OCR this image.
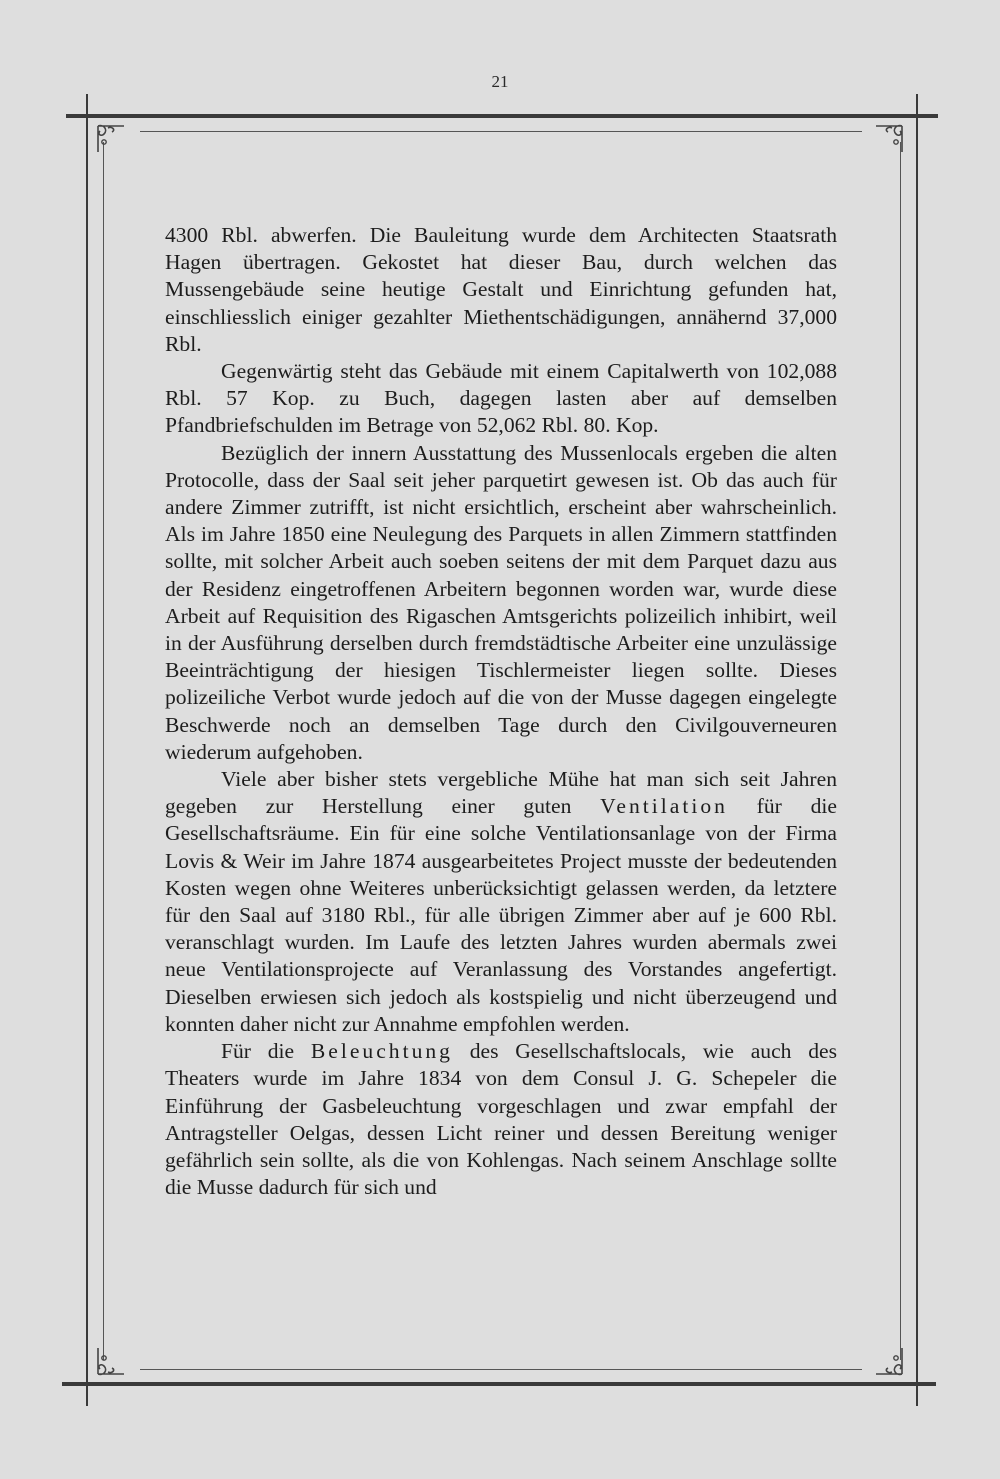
21

4300 Rbl. abwerfen. Die Bauleitung wurde dem Architecten Staatsrath Hagen übertragen. Gekostet hat dieser Bau, durch welchen das Mussengebäude seine heutige Gestalt und Einrichtung gefunden hat, einschliesslich einiger gezahlter Miethentschädigungen, annähernd 37,000 Rbl.

Gegenwärtig steht das Gebäude mit einem Capitalwerth von 102,088 Rbl. 57 Kop. zu Buch, dagegen lasten aber auf demselben Pfandbriefschulden im Betrage von 52,062 Rbl. 80. Kop.

Bezüglich der innern Ausstattung des Mussenlocals ergeben die alten Protocolle, dass der Saal seit jeher parquetirt gewesen ist. Ob das auch für andere Zimmer zutrifft, ist nicht ersichtlich, erscheint aber wahrscheinlich. Als im Jahre 1850 eine Neulegung des Parquets in allen Zimmern stattfinden sollte, mit solcher Arbeit auch soeben seitens der mit dem Parquet dazu aus der Residenz eingetroffenen Arbeitern begonnen worden war, wurde diese Arbeit auf Requisition des Rigaschen Amtsgerichts polizeilich inhibirt, weil in der Ausführung derselben durch fremdstädtische Arbeiter eine unzulässige Beeinträchtigung der hiesigen Tischlermeister liegen sollte. Dieses polizeiliche Verbot wurde jedoch auf die von der Musse dagegen eingelegte Beschwerde noch an demselben Tage durch den Civilgouverneuren wiederum aufgehoben.

Viele aber bisher stets vergebliche Mühe hat man sich seit Jahren gegeben zur Herstellung einer guten Ventilation für die Gesellschaftsräume. Ein für eine solche Ventilationsanlage von der Firma Lovis & Weir im Jahre 1874 ausgearbeitetes Project musste der bedeutenden Kosten wegen ohne Weiteres unberücksichtigt gelassen werden, da letztere für den Saal auf 3180 Rbl., für alle übrigen Zimmer aber auf je 600 Rbl. veranschlagt wurden. Im Laufe des letzten Jahres wurden abermals zwei neue Ventilationsprojecte auf Veranlassung des Vorstandes angefertigt. Dieselben erwiesen sich jedoch als kostspielig und nicht überzeugend und konnten daher nicht zur Annahme empfohlen werden.

Für die Beleuchtung des Gesellschaftslocals, wie auch des Theaters wurde im Jahre 1834 von dem Consul J. G. Schepeler die Einführung der Gasbeleuchtung vorgeschlagen und zwar empfahl der Antragsteller Oelgas, dessen Licht reiner und dessen Bereitung weniger gefährlich sein sollte, als die von Kohlengas. Nach seinem Anschlage sollte die Musse dadurch für sich und
